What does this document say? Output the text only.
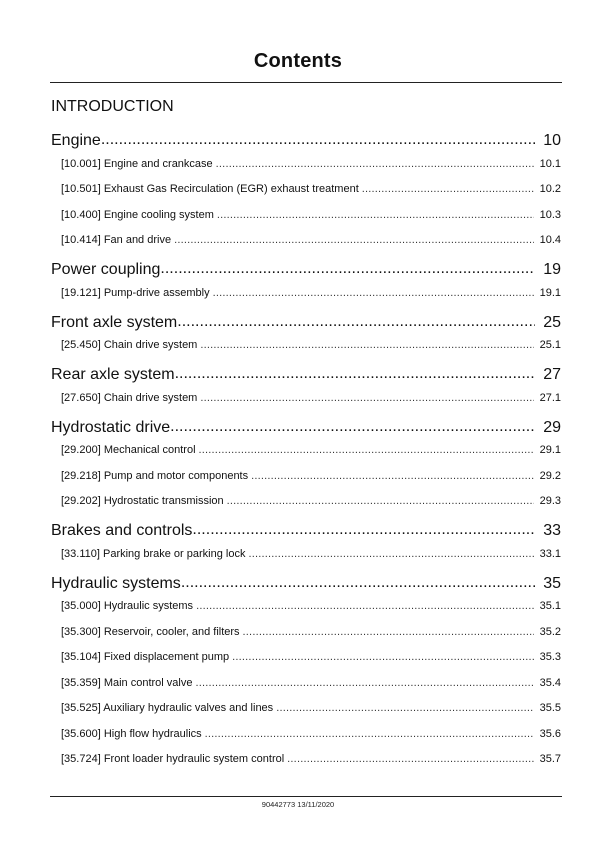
Contents
INTRODUCTION
Engine .....	10
[10.001] Engine and crankcase .....	10.1
[10.501] Exhaust Gas Recirculation (EGR) exhaust treatment .....	10.2
[10.400] Engine cooling system .....	10.3
[10.414] Fan and drive .....	10.4
Power coupling .....	19
[19.121] Pump-drive assembly .....	19.1
Front axle system .....	25
[25.450] Chain drive system .....	25.1
Rear axle system .....	27
[27.650] Chain drive system .....	27.1
Hydrostatic drive .....	29
[29.200] Mechanical control .....	29.1
[29.218] Pump and motor components .....	29.2
[29.202] Hydrostatic transmission .....	29.3
Brakes and controls .....	33
[33.110] Parking brake or parking lock .....	33.1
Hydraulic systems .....	35
[35.000] Hydraulic systems .....	35.1
[35.300] Reservoir, cooler, and filters .....	35.2
[35.104] Fixed displacement pump .....	35.3
[35.359] Main control valve .....	35.4
[35.525] Auxiliary hydraulic valves and lines .....	35.5
[35.600] High flow hydraulics .....	35.6
[35.724] Front loader hydraulic system control .....	35.7
90442773 13/11/2020
